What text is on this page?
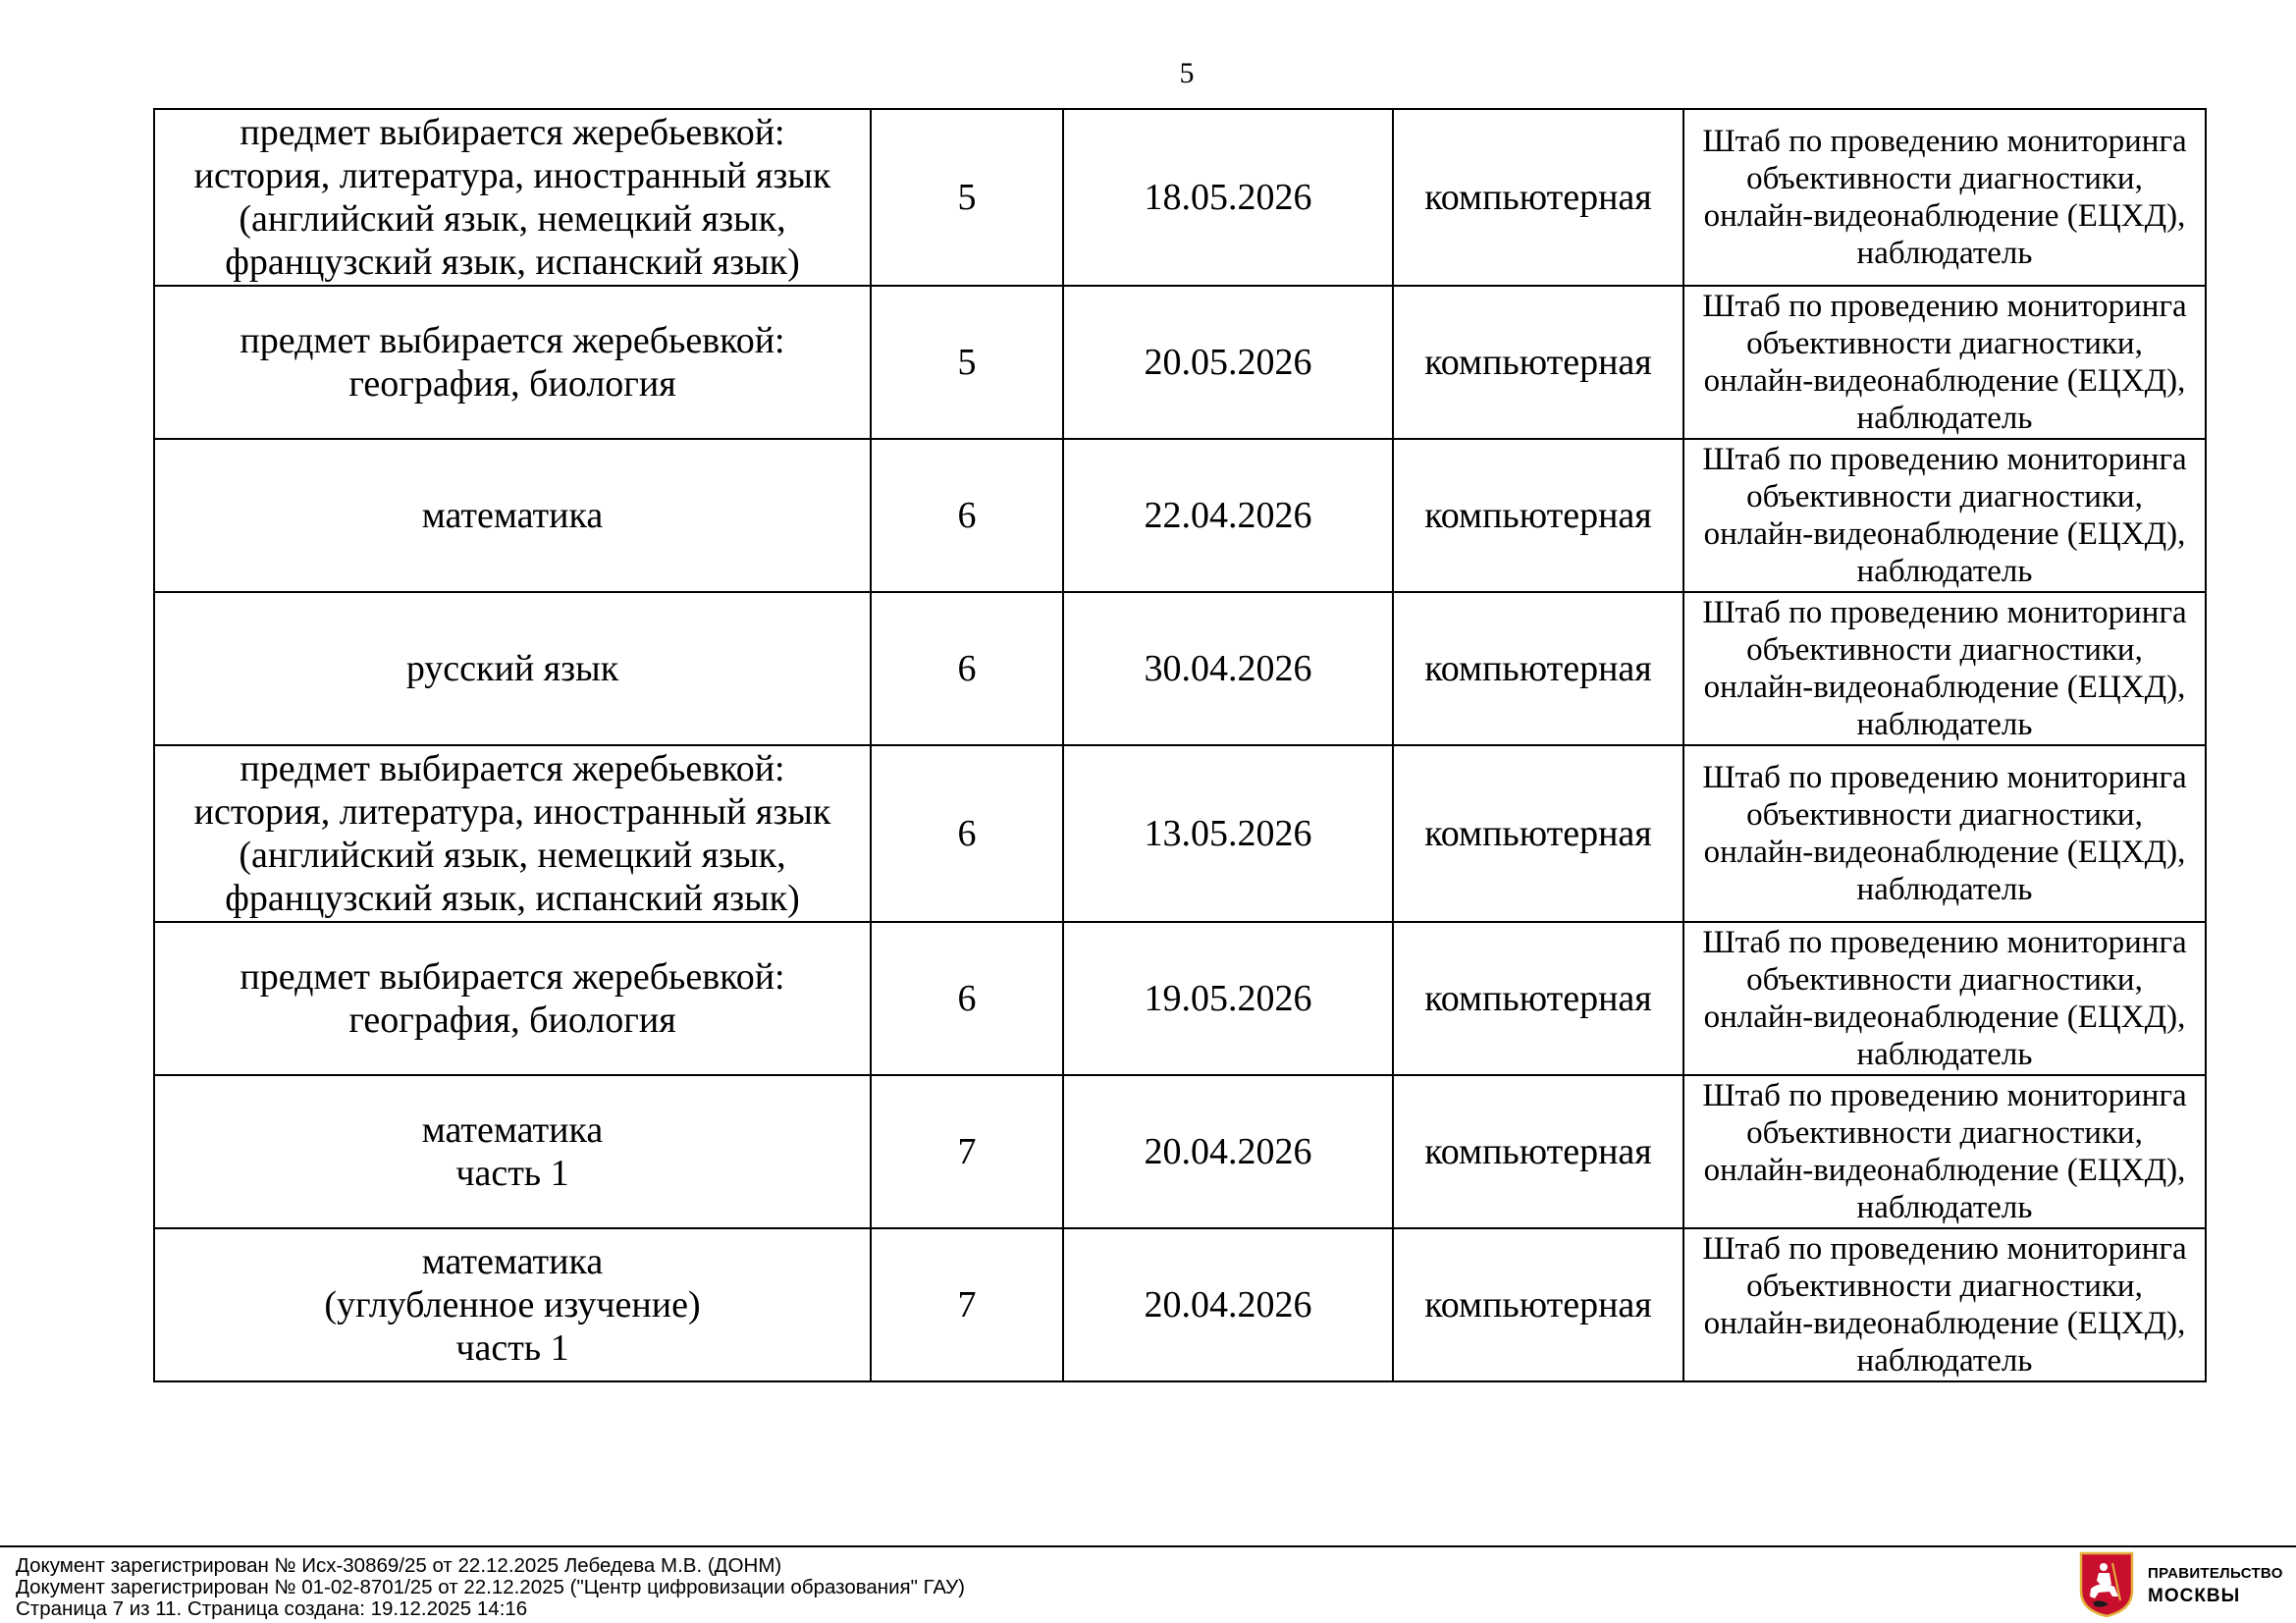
5
предмет выбирается жеребьевкой:
история, литература, иностранный язык
(английский язык, немецкий язык,
французский язык, испанский язык)	5	18.05.2026	компьютерная	Штаб по проведению мониторинга
объективности диагностики,
онлайн-видеонаблюдение (ЕЦХД),
наблюдатель

предмет выбирается жеребьевкой:
география, биология	5	20.05.2026	компьютерная	Штаб по проведению мониторинга
объективности диагностики,
онлайн-видеонаблюдение (ЕЦХД),
наблюдатель

математика	6	22.04.2026	компьютерная	Штаб по проведению мониторинга
объективности диагностики,
онлайн-видеонаблюдение (ЕЦХД),
наблюдатель

русский язык	6	30.04.2026	компьютерная	Штаб по проведению мониторинга
объективности диагностики,
онлайн-видеонаблюдение (ЕЦХД),
наблюдатель

предмет выбирается жеребьевкой:
история, литература, иностранный язык
(английский язык, немецкий язык,
французский язык, испанский язык)	6	13.05.2026	компьютерная	Штаб по проведению мониторинга
объективности диагностики,
онлайн-видеонаблюдение (ЕЦХД),
наблюдатель

предмет выбирается жеребьевкой:
география, биология	6	19.05.2026	компьютерная	Штаб по проведению мониторинга
объективности диагностики,
онлайн-видеонаблюдение (ЕЦХД),
наблюдатель

математика
часть 1	7	20.04.2026	компьютерная	Штаб по проведению мониторинга
объективности диагностики,
онлайн-видеонаблюдение (ЕЦХД),
наблюдатель

математика
(углубленное изучение)
часть 1	7	20.04.2026	компьютерная	Штаб по проведению мониторинга
объективности диагностики,
онлайн-видеонаблюдение (ЕЦХД),
наблюдатель
Документ зарегистрирован № Исх-30869/25 от 22.12.2025 Лебедева М.В. (ДОНМ)
Документ зарегистрирован № 01-02-8701/25 от 22.12.2025 ("Центр цифровизации образования" ГАУ)
Страница 7 из 11. Страница создана: 19.12.2025 14:16
ПРАВИТЕЛЬСТВО
МОСКВЫ
